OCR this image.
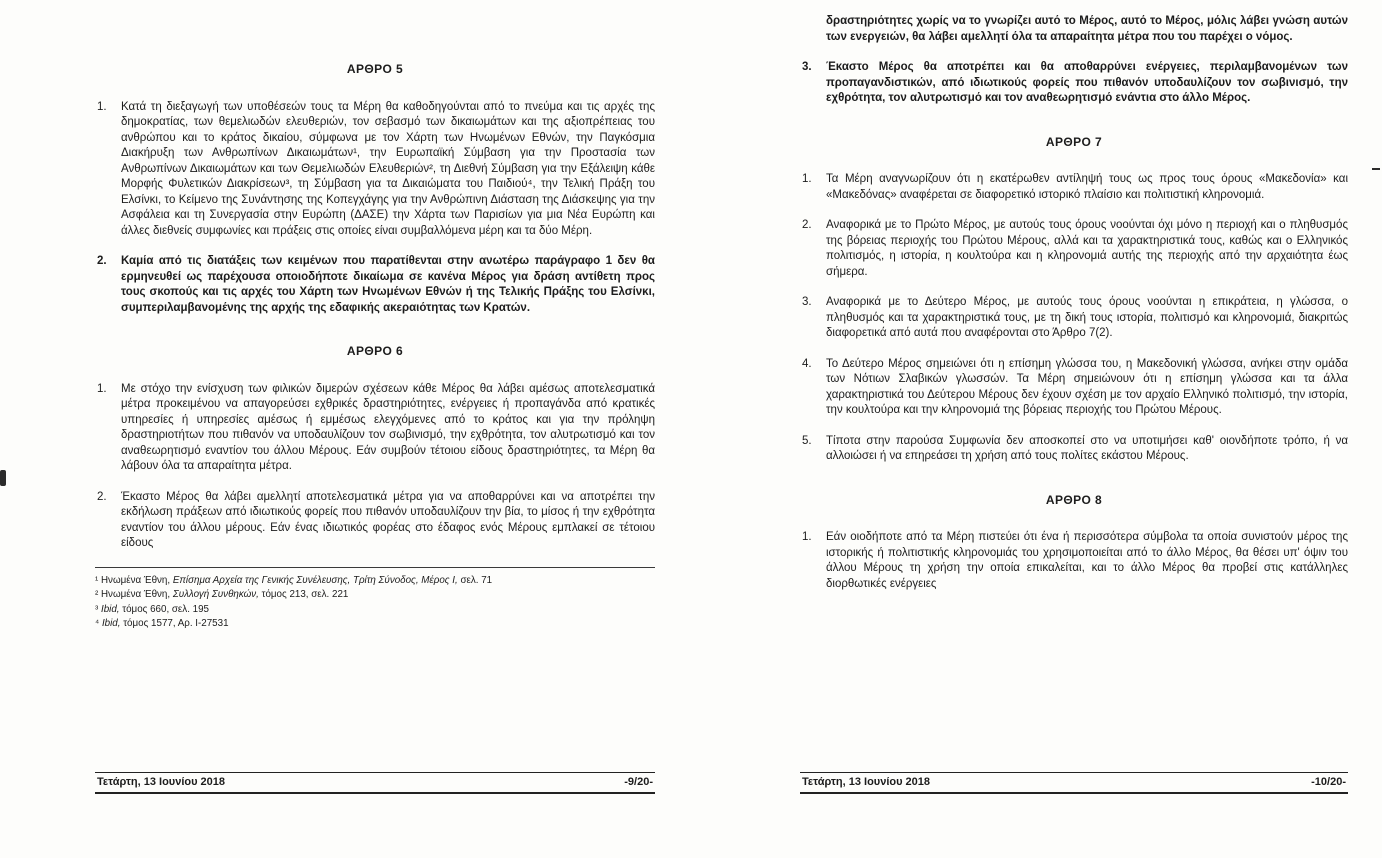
ΑΡΘΡΟ 5
1.	Κατά τη διεξαγωγή των υποθέσεών τους τα Μέρη θα καθοδηγούνται από το πνεύμα και τις αρχές της δημοκρατίας, των θεμελιωδών ελευθεριών, τον σεβασμό των δικαιωμάτων και της αξιοπρέπειας του ανθρώπου και το κράτος δικαίου, σύμφωνα με τον Χάρτη των Ηνωμένων Εθνών, την Παγκόσμια Διακήρυξη των Ανθρωπίνων Δικαιωμάτων¹, την Ευρωπαϊκή Σύμβαση για την Προστασία των Ανθρωπίνων Δικαιωμάτων και των Θεμελιωδών Ελευθεριών², τη Διεθνή Σύμβαση για την Εξάλειψη κάθε Μορφής Φυλετικών Διακρίσεων³, τη Σύμβαση για τα Δικαιώματα του Παιδιού⁴, την Τελική Πράξη του Ελσίνκι, το Κείμενο της Συνάντησης της Κοπεγχάγης για την Ανθρώπινη Διάσταση της Διάσκεψης για την Ασφάλεια και τη Συνεργασία στην Ευρώπη (ΔΑΣΕ) την Χάρτα των Παρισίων για μια Νέα Ευρώπη και άλλες διεθνείς συμφωνίες και πράξεις στις οποίες είναι συμβαλλόμενα μέρη και τα δύο Μέρη.
2.	Καμία από τις διατάξεις των κειμένων που παρατίθενται στην ανωτέρω παράγραφο 1 δεν θα ερμηνευθεί ως παρέχουσα οποιοδήποτε δικαίωμα σε κανένα Μέρος για δράση αντίθετη προς τους σκοπούς και τις αρχές του Χάρτη των Ηνωμένων Εθνών ή της Τελικής Πράξης του Ελσίνκι, συμπεριλαμβανομένης της αρχής της εδαφικής ακεραιότητας των Κρατών.
ΑΡΘΡΟ 6
1.	Με στόχο την ενίσχυση των φιλικών διμερών σχέσεων κάθε Μέρος θα λάβει αμέσως αποτελεσματικά μέτρα προκειμένου να απαγορεύσει εχθρικές δραστηριότητες, ενέργειες ή προπαγάνδα από κρατικές υπηρεσίες ή υπηρεσίες αμέσως ή εμμέσως ελεγχόμενες από το κράτος και για την πρόληψη δραστηριοτήτων που πιθανόν να υποδαυλίζουν τον σωβινισμό, την εχθρότητα, τον αλυτρωτισμό και τον αναθεωρητισμό εναντίον του άλλου Μέρους. Εάν συμβούν τέτοιου είδους δραστηριότητες, τα Μέρη θα λάβουν όλα τα απαραίτητα μέτρα.
2.	Έκαστο Μέρος θα λάβει αμελλητί αποτελεσματικά μέτρα για να αποθαρρύνει και να αποτρέπει την εκδήλωση πράξεων από ιδιωτικούς φορείς που πιθανόν υποδαυλίζουν την βία, το μίσος ή την εχθρότητα εναντίον του άλλου μέρους. Εάν ένας ιδιωτικός φορέας στο έδαφος ενός Μέρους εμπλακεί σε τέτοιου είδους
¹ Ηνωμένα Έθνη, Επίσημα Αρχεία της Γενικής Συνέλευσης, Τρίτη Σύνοδος, Μέρος Ι, σελ. 71
² Ηνωμένα Έθνη, Συλλογή Συνθηκών, τόμος 213, σελ. 221
³ Ibid, τόμος 660, σελ. 195
⁴ Ibid, τόμος 1577, Αρ. Ι-27531
Τετάρτη, 13 Ιουνίου 2018	-9/20-
δραστηριότητες χωρίς να το γνωρίζει αυτό το Μέρος, αυτό το Μέρος, μόλις λάβει γνώση αυτών των ενεργειών, θα λάβει αμελλητί όλα τα απαραίτητα μέτρα που του παρέχει ο νόμος.
3.	Έκαστο Μέρος θα αποτρέπει και θα αποθαρρύνει ενέργειες, περιλαμβανομένων των προπαγανδιστικών, από ιδιωτικούς φορείς που πιθανόν υποδαυλίζουν τον σωβινισμό, την εχθρότητα, τον αλυτρωτισμό και τον αναθεωρητισμό ενάντια στο άλλο Μέρος.
ΑΡΘΡΟ 7
1.	Τα Μέρη αναγνωρίζουν ότι η εκατέρωθεν αντίληψή τους ως προς τους όρους «Μακεδονία» και «Μακεδόνας» αναφέρεται σε διαφορετικό ιστορικό πλαίσιο και πολιτιστική κληρονομιά.
2.	Αναφορικά με το Πρώτο Μέρος, με αυτούς τους όρους νοούνται όχι μόνο η περιοχή και ο πληθυσμός της βόρειας περιοχής του Πρώτου Μέρους, αλλά και τα χαρακτηριστικά τους, καθώς και ο Ελληνικός πολιτισμός, η ιστορία, η κουλτούρα και η κληρονομιά αυτής της περιοχής από την αρχαιότητα έως σήμερα.
3.	Αναφορικά με το Δεύτερο Μέρος, με αυτούς τους όρους νοούνται η επικράτεια, η γλώσσα, ο πληθυσμός και τα χαρακτηριστικά τους, με τη δική τους ιστορία, πολιτισμό και κληρονομιά, διακριτώς διαφορετικά από αυτά που αναφέρονται στο Άρθρο 7(2).
4.	Το Δεύτερο Μέρος σημειώνει ότι η επίσημη γλώσσα του, η Μακεδονική γλώσσα, ανήκει στην ομάδα των Νότιων Σλαβικών γλωσσών. Τα Μέρη σημειώνουν ότι η επίσημη γλώσσα και τα άλλα χαρακτηριστικά του Δεύτερου Μέρους δεν έχουν σχέση με τον αρχαίο Ελληνικό πολιτισμό, την ιστορία, την κουλτούρα και την κληρονομιά της βόρειας περιοχής του Πρώτου Μέρους.
5.	Τίποτα στην παρούσα Συμφωνία δεν αποσκοπεί στο να υποτιμήσει καθ' οιονδήποτε τρόπο, ή να αλλοιώσει ή να επηρεάσει τη χρήση από τους πολίτες εκάστου Μέρους.
ΑΡΘΡΟ 8
1.	Εάν οιοδήποτε από τα Μέρη πιστεύει ότι ένα ή περισσότερα σύμβολα τα οποία συνιστούν μέρος της ιστορικής ή πολιτιστικής κληρονομιάς του χρησιμοποιείται από το άλλο Μέρος, θα θέσει υπ' όψιν του άλλου Μέρους τη χρήση την οποία επικαλείται, και το άλλο Μέρος θα προβεί στις κατάλληλες διορθωτικές ενέργειες
Τετάρτη, 13 Ιουνίου 2018	-10/20-
